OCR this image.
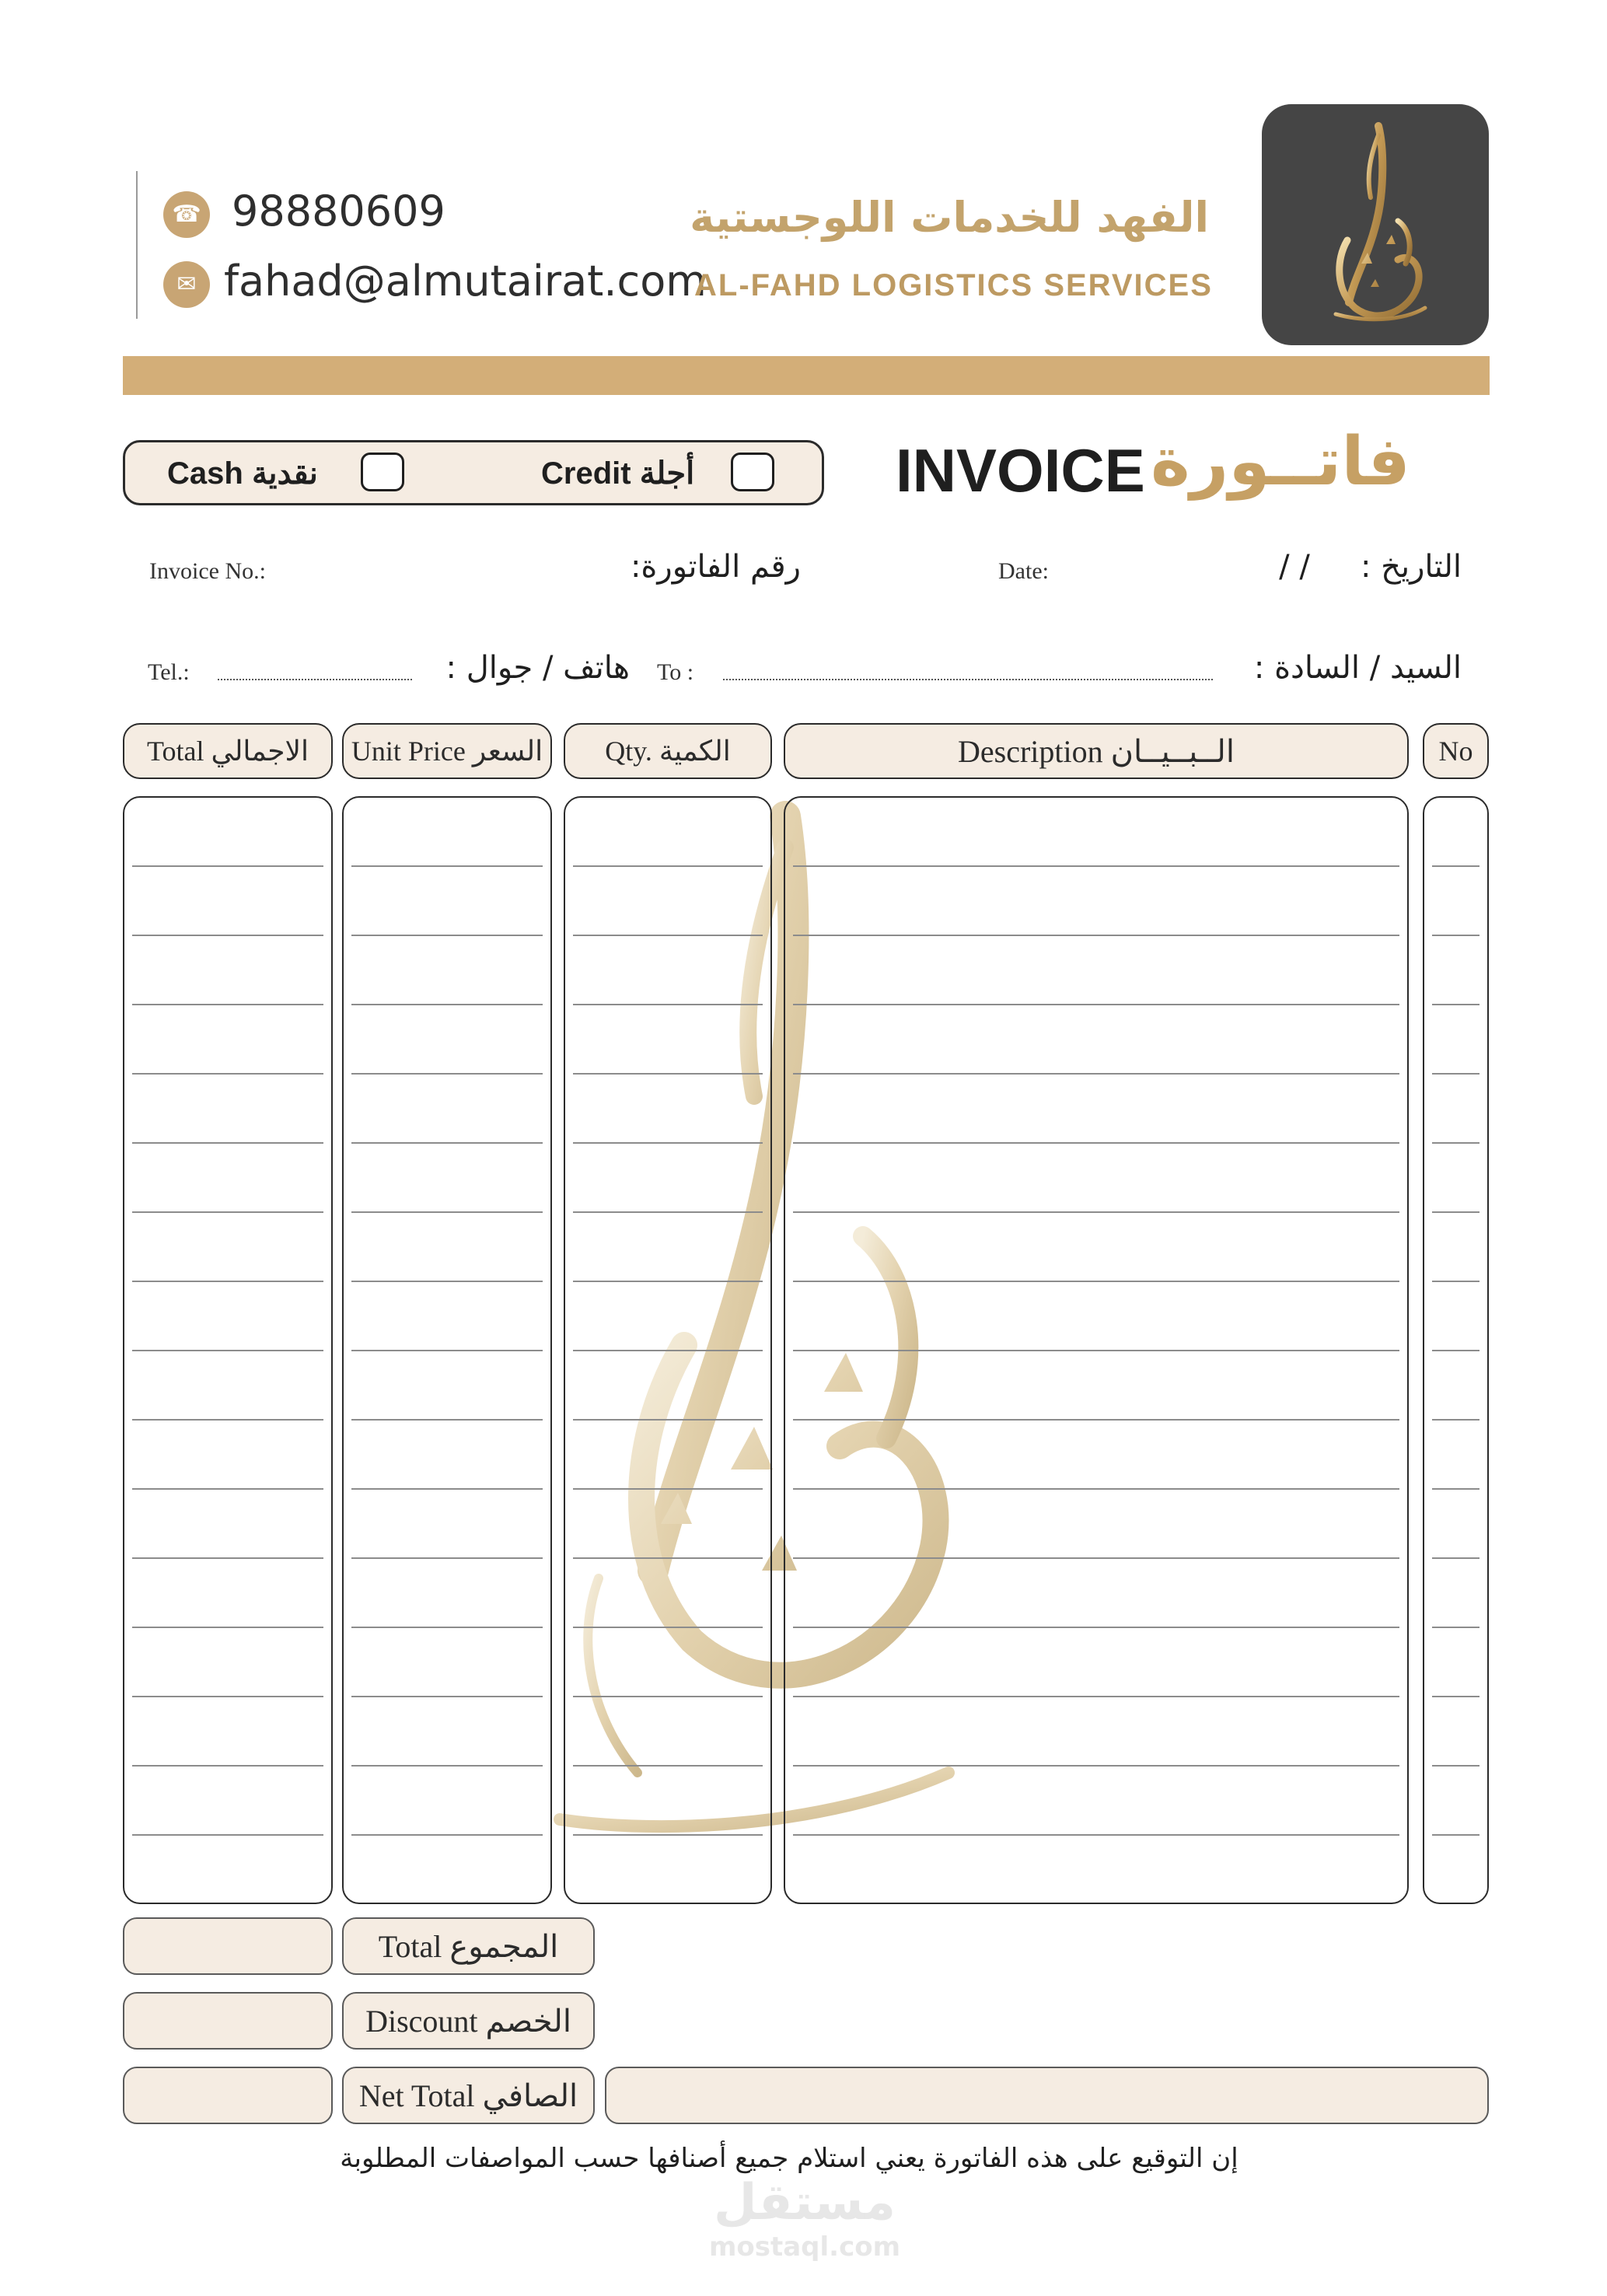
☎ 98880609
✉ fahad@almutairat.com
الفهد للخدمات اللوجستية
AL-FAHD LOGISTICS SERVICES
Cash نقدية	Credit أجلة	INVOICE فاتــورة
Invoice No.:	رقم الفاتورة:	Date:	/ /	التاريخ :
Tel.:	هاتف / جوال : To :	السيد / السادة :
Total الاجمالي	Unit Price السعر	Qty. الكمية	Description الــبــيــان	No
Total المجموع
Discount الخصم
Net Total الصافي
إن التوقيع على هذه الفاتورة يعني استلام جميع أصنافها حسب المواصفات المطلوبة
مستقل
mostaql.com
